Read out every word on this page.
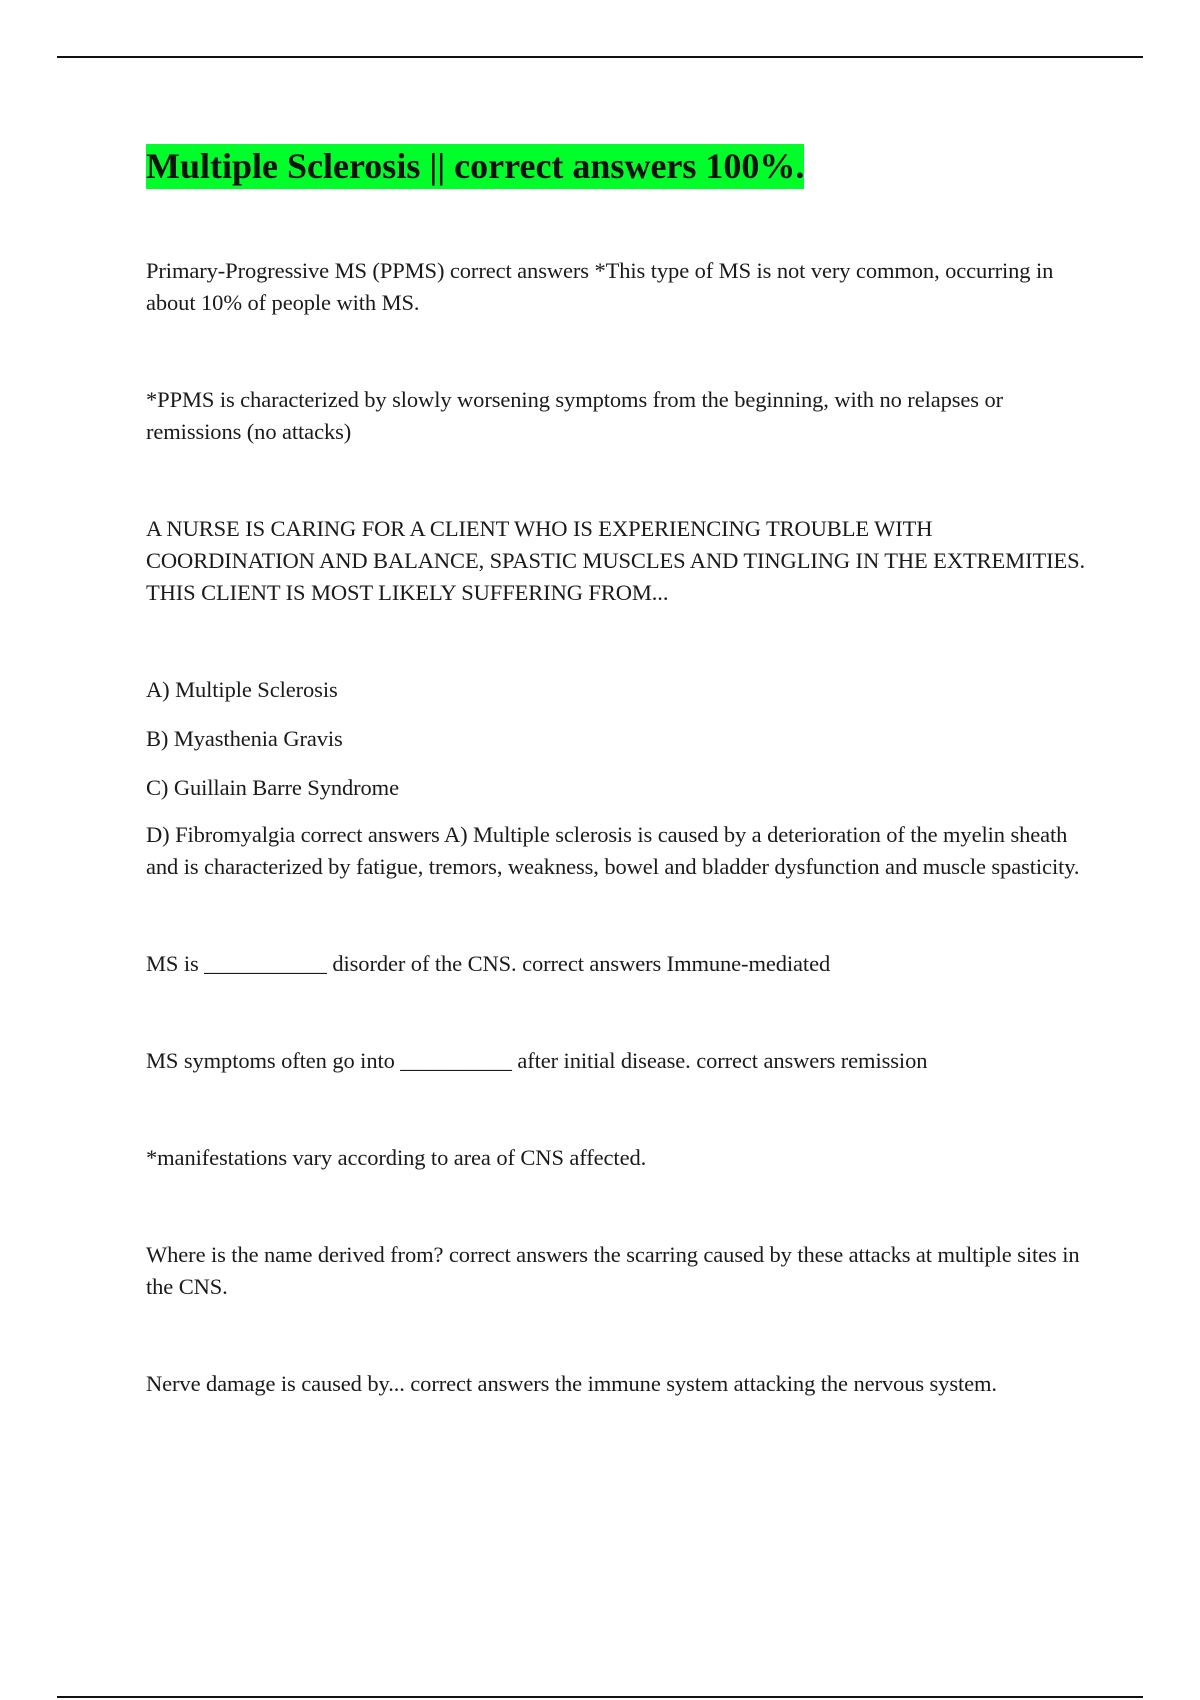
Multiple Sclerosis || correct answers 100%.

Primary-Progressive MS (PPMS) correct answers *This type of MS is not very common, occurring in about 10% of people with MS.

*PPMS is characterized by slowly worsening symptoms from the beginning, with no relapses or remissions (no attacks)

A NURSE IS CARING FOR A CLIENT WHO IS EXPERIENCING TROUBLE WITH COORDINATION AND BALANCE, SPASTIC MUSCLES AND TINGLING IN THE EXTREMITIES. THIS CLIENT IS MOST LIKELY SUFFERING FROM...

A) Multiple Sclerosis

B) Myasthenia Gravis

C) Guillain Barre Syndrome

D) Fibromyalgia correct answers A) Multiple sclerosis is caused by a deterioration of the myelin sheath and is characterized by fatigue, tremors, weakness, bowel and bladder dysfunction and muscle spasticity.

MS is ___________ disorder of the CNS. correct answers Immune-mediated

MS symptoms often go into __________ after initial disease. correct answers remission

*manifestations vary according to area of CNS affected.

Where is the name derived from? correct answers the scarring caused by these attacks at multiple sites in the CNS.

Nerve damage is caused by... correct answers the immune system attacking the nervous system.
